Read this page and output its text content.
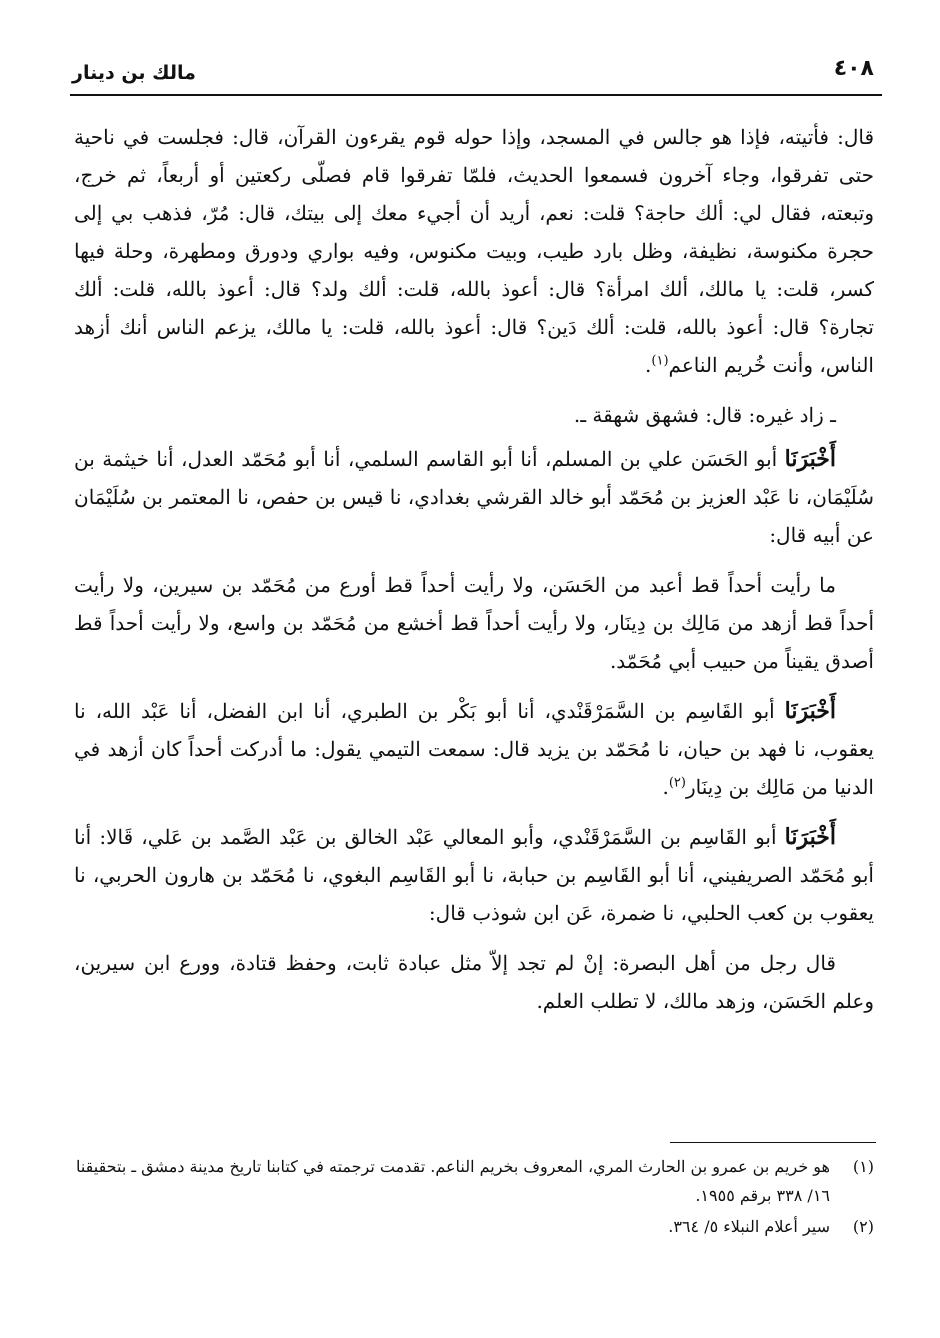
٤٠٨
مالك بن دينار

قال: فأتيته، فإذا هو جالس في المسجد، وإذا حوله قوم يقرءون القرآن، قال: فجلست في ناحية حتى تفرقوا، وجاء آخرون فسمعوا الحديث، فلمّا تفرقوا قام فصلّى ركعتين أو أربعاً، ثم خرج، وتبعته، فقال لي: ألك حاجة؟ قلت: نعم، أريد أن أجيء معك إلى بيتك، قال: مُرّ، فذهب بي إلى حجرة مكنوسة، نظيفة، وظل بارد طيب، وبيت مكنوس، وفيه بواري ودورق ومطهرة، وحلة فيها كسر، قلت: يا مالك، ألك امرأة؟ قال: أعوذ بالله، قلت: ألك ولد؟ قال: أعوذ بالله، قلت: ألك تجارة؟ قال: أعوذ بالله، قلت: ألك دَين؟ قال: أعوذ بالله، قلت: يا مالك، يزعم الناس أنك أزهد الناس، وأنت خُريم الناعم$^{(١)}$.

ـ زاد غيره: قال: فشهق شهقة ـ.

أَخْبَرَنَا أبو الحَسَن علي بن المسلم، أنا أبو القاسم السلمي، أنا أبو مُحَمّد العدل، أنا خيثمة بن سُلَيْمَان، نا عَبْد العزيز بن مُحَمّد أبو خالد القرشي بغدادي، نا قيس بن حفص، نا المعتمر بن سُلَيْمَان عن أبيه قال:

ما رأيت أحداً قط أعبد من الحَسَن، ولا رأيت أحداً قط أورع من مُحَمّد بن سيرين، ولا رأيت أحداً قط أزهد من مَالِك بن دِينَار، ولا رأيت أحداً قط أخشع من مُحَمّد بن واسع، ولا رأيت أحداً قط أصدق يقيناً من حبيب أبي مُحَمّد.

أَخْبَرَنَا أبو القَاسِم بن السَّمَرْقَنْدي، أنا أبو بَكْر بن الطبري، أنا ابن الفضل، أنا عَبْد الله، نا يعقوب، نا فهد بن حيان، نا مُحَمّد بن يزيد قال: سمعت التيمي يقول: ما أدركت أحداً كان أزهد في الدنيا من مَالِك بن دِينَار$^{(٢)}$.

أَخْبَرَنَا أبو القَاسِم بن السَّمَرْقَنْدي، وأبو المعالي عَبْد الخالق بن عَبْد الصَّمد بن عَلي، قَالا: أنا أبو مُحَمّد الصريفيني، أنا أبو القَاسِم بن حبابة، نا أبو القَاسِم البغوي، نا مُحَمّد بن هارون الحربي، نا يعقوب بن كعب الحلبي، نا ضمرة، عَن ابن شوذب قال:

قال رجل من أهل البصرة: إنْ لم تجد إلاّ مثل عبادة ثابت، وحفظ قتادة، وورع ابن سيرين، وعلم الحَسَن، وزهد مالك، لا تطلب العلم.

(١)
هو خريم بن عمرو بن الحارث المري، المعروف بخريم الناعم. تقدمت ترجمته في كتابنا تاريخ مدينة دمشق ـ بتحقيقنا ١٦/ ٣٣٨ برقم ١٩٥٥.

(٢)
سير أعلام النبلاء ٥/ ٣٦٤.
